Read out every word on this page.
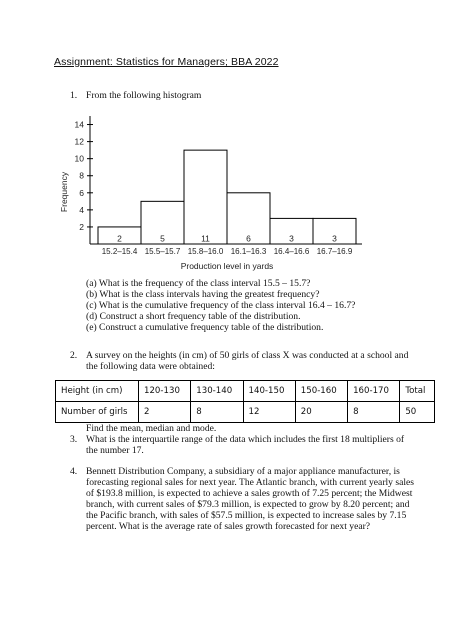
Assignment: Statistics for Managers; BBA 2022
1. From the following histogram
2
4
6
8
10
12
14
Frequency
2
15.2–15.4
5
15.5–15.7
11
15.8–16.0
6
16.1–16.3
3
16.4–16.6
3
16.7–16.9
Production level in yards
(a) What is the frequency of the class interval 15.5 – 15.7?
(b) What is the class intervals having the greatest frequency?
(c) What is the cumulative frequency of the class interval 16.4 – 16.7?
(d) Construct a short frequency table of the distribution.
(e) Construct a cumulative frequency table of the distribution.
2. A survey on the heights (in cm) of 50 girls of class X was conducted at a school and
the following data were obtained:
Height (in cm)	120-130	130-140	140-150	150-160	160-170	Total
Number of girls	2	8	12	20	8	50
Find the mean, median and mode.
3. What is the interquartile range of the data which includes the first 18 multipliers of
the number 17.
4. Bennett Distribution Company, a subsidiary of a major appliance manufacturer, is
forecasting regional sales for next year. The Atlantic branch, with current yearly sales
of $193.8 million, is expected to achieve a sales growth of 7.25 percent; the Midwest
branch, with current sales of $79.3 million, is expected to grow by 8.20 percent; and
the Pacific branch, with sales of $57.5 million, is expected to increase sales by 7.15
percent. What is the average rate of sales growth forecasted for next year?
